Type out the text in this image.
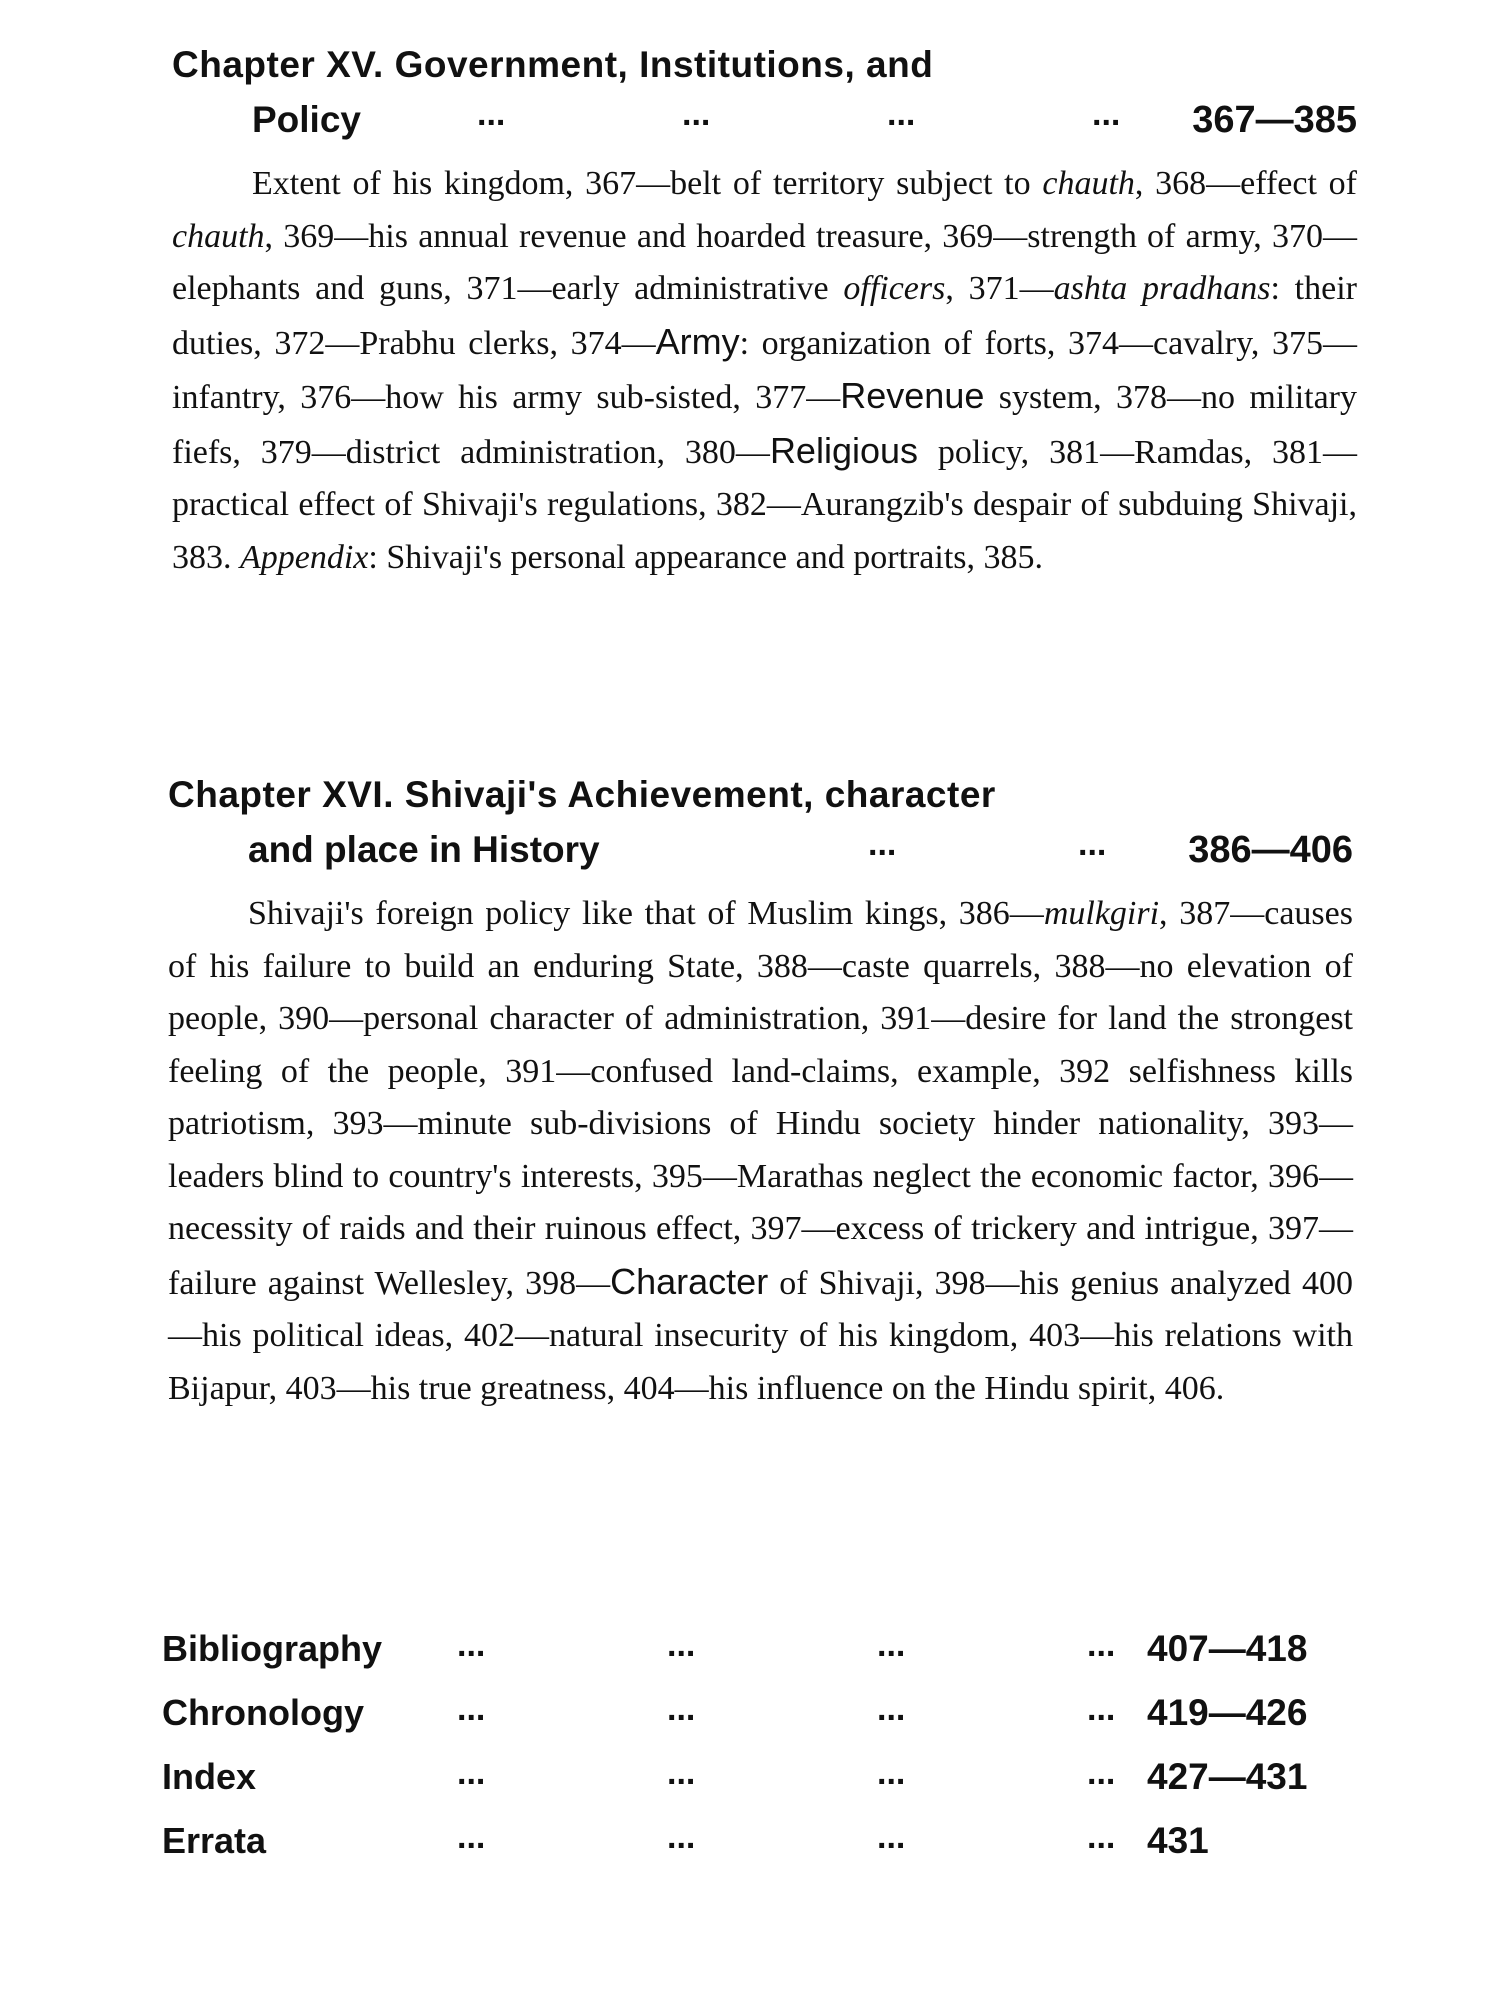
Chapter XV. Government, Institutions, and
Policy	...	...	...	... 367—385

Extent of his kingdom, 367—belt of territory subject to chauth, 368—effect of chauth, 369—his annual revenue and hoarded treasure, 369—strength of army, 370—elephants and guns, 371—early administrative officers, 371—ashta pradhans: their duties, 372—Prabhu clerks, 374—Army: organization of forts, 374—cavalry, 375—infantry, 376—how his army sub-sisted, 377—Revenue system, 378—no military fiefs, 379—district administration, 380—Religious policy, 381—Ramdas, 381—practical effect of Shivaji's regulations, 382—Aurangzib's despair of subduing Shivaji, 383. Appendix: Shivaji's personal appearance and portraits, 385.

Chapter XVI. Shivaji's Achievement, character
and place in History	...	... 386—406

Shivaji's foreign policy like that of Muslim kings, 386—mulkgiri, 387—causes of his failure to build an enduring State, 388—caste quarrels, 388—no elevation of people, 390—personal character of administration, 391—desire for land the strongest feeling of the people, 391—confused land-claims, example, 392 selfishness kills patriotism, 393—minute sub-divisions of Hindu society hinder nationality, 393—leaders blind to country's interests, 395—Marathas neglect the economic factor, 396—necessity of raids and their ruinous effect, 397—excess of trickery and intrigue, 397—failure against Wellesley, 398—Character of Shivaji, 398—his genius analyzed 400—his political ideas, 402—natural insecurity of his kingdom, 403—his relations with Bijapur, 403—his true greatness, 404—his influence on the Hindu spirit, 406.

Bibliography ...	...	...	... 407—418
Chronology	...	...	...	... 419—426
Index	...	...	...	... 427—431
Errata	...	...	...	... 431
